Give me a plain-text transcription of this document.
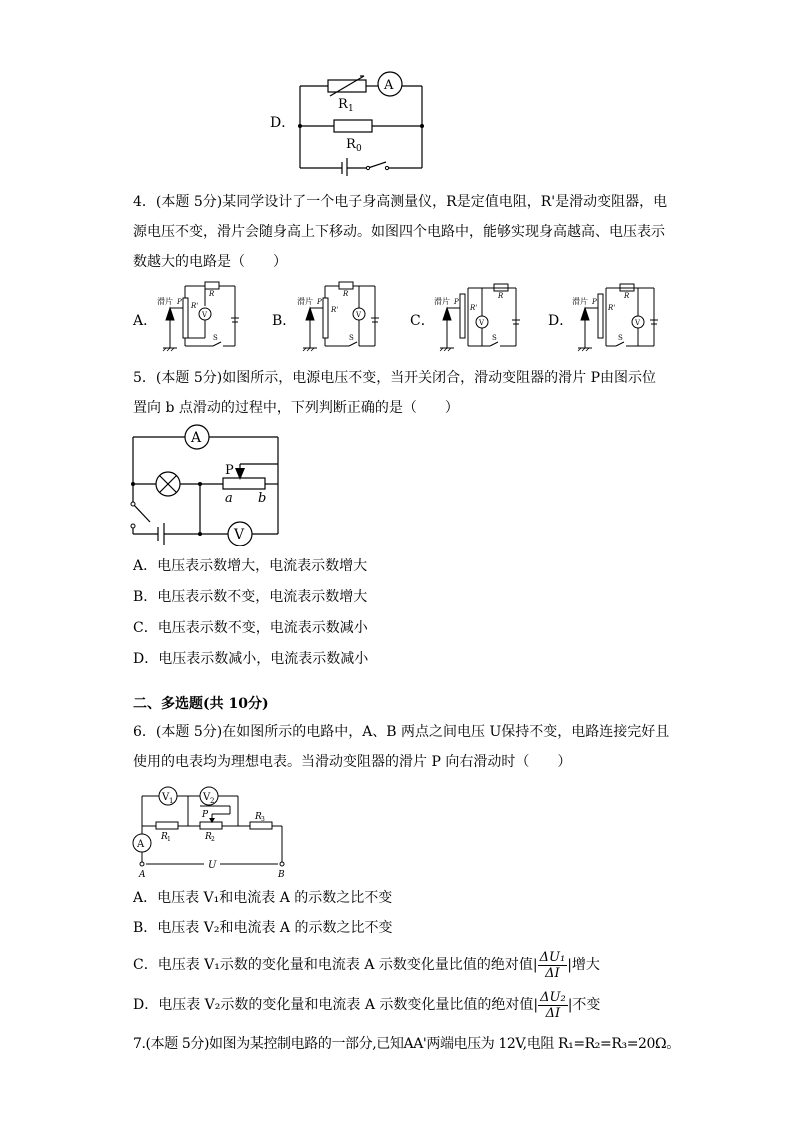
D．
A
R 1
R 0
4．(本题 5分)某同学设计了一个电子身高测量仪，R是定值电阻，R'是滑动变阻器，电
源电压不变，滑片会随身高上下移动。如图四个电路中，能够实现身高越高、电压表示
数越大的电路是（　　）
A．	B．	C．	D．
滑片 P
R
R'
V
S
滑片 P
R
R'
V
S
滑片 P
R
R'
V
S
滑片 P
R
R'
V
S
5．(本题 5分)如图所示，电源电压不变，当开关闭合，滑动变阻器的滑片 P由图示位
置向 b 点滑动的过程中，下列判断正确的是（　　）
A
V
P
a b
A．电压表示数增大，电流表示数增大
B．电压表示数不变，电流表示数增大
C．电压表示数不变，电流表示数减小
D．电压表示数减小，电流表示数减小
二、多选题(共 10分)
6．(本题 5分)在如图所示的电路中，A、B 两点之间电压 U保持不变，电路连接完好且
使用的电表均为理想电表。当滑动变阻器的滑片 P 向右滑动时（　　）
V 1	V 2
A
P
R 1	R 2
R 3
U
A	B
A．电压表 V₁和电流表 A 的示数之比不变
B．电压表 V₂和电流表 A 的示数之比不变
C．电压表 V₁示数的变化量和电流表 A 示数变化量比值的绝对值| $\frac{\text{ΔU₁}}{\Delta I}$ |增大
D．电压表 V₂示数的变化量和电流表 A 示数变化量比值的绝对值| $\frac{\text{ΔU₂}}{\Delta I}$ |不变
7.(本题 5分)如图为某控制电路的一部分,已知AA'两端电压为 12V,电阻 R₁=R₂=R₃=20Ω。
